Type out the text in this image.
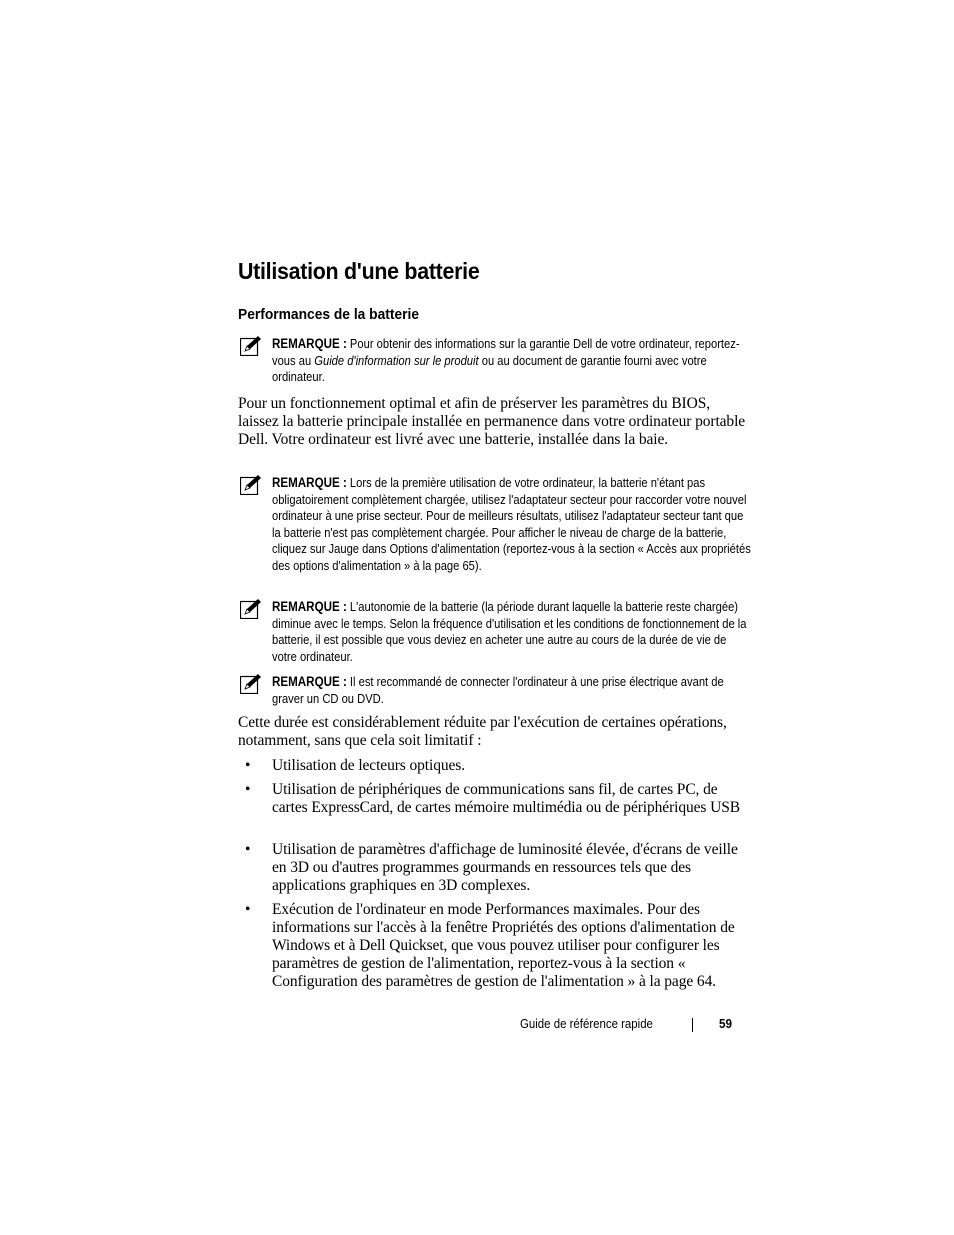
Utilisation d'une batterie
Performances de la batterie
REMARQUE : Pour obtenir des informations sur la garantie Dell de votre ordinateur, reportez-vous au Guide d'information sur le produit ou au document de garantie fourni avec votre ordinateur.

Pour un fonctionnement optimal et afin de préserver les paramètres du BIOS, laissez la batterie principale installée en permanence dans votre ordinateur portable Dell. Votre ordinateur est livré avec une batterie, installée dans la baie.

REMARQUE : Lors de la première utilisation de votre ordinateur, la batterie n'étant pas obligatoirement complètement chargée, utilisez l'adaptateur secteur pour raccorder votre nouvel ordinateur à une prise secteur. Pour de meilleurs résultats, utilisez l'adaptateur secteur tant que la batterie n'est pas complètement chargée. Pour afficher le niveau de charge de la batterie, cliquez sur Jauge dans Options d'alimentation (reportez-vous à la section « Accès aux propriétés des options d'alimentation » à la page 65).
REMARQUE : L'autonomie de la batterie (la période durant laquelle la batterie reste chargée) diminue avec le temps. Selon la fréquence d'utilisation et les conditions de fonctionnement de la batterie, il est possible que vous deviez en acheter une autre au cours de la durée de vie de votre ordinateur.
REMARQUE : Il est recommandé de connecter l'ordinateur à une prise électrique avant de graver un CD ou DVD.

Cette durée est considérablement réduite par l'exécution de certaines opérations, notamment, sans que cela soit limitatif :

• Utilisation de lecteurs optiques.
• Utilisation de périphériques de communications sans fil, de cartes PC, de cartes ExpressCard, de cartes mémoire multimédia ou de périphériques USB
• Utilisation de paramètres d'affichage de luminosité élevée, d'écrans de veille en 3D ou d'autres programmes gourmands en ressources tels que des applications graphiques en 3D complexes.
• Exécution de l'ordinateur en mode Performances maximales. Pour des informations sur l'accès à la fenêtre Propriétés des options d'alimentation de Windows et à Dell Quickset, que vous pouvez utiliser pour configurer les paramètres de gestion de l'alimentation, reportez-vous à la section « Configuration des paramètres de gestion de l'alimentation » à la page 64.
Guide de référence rapide	59
